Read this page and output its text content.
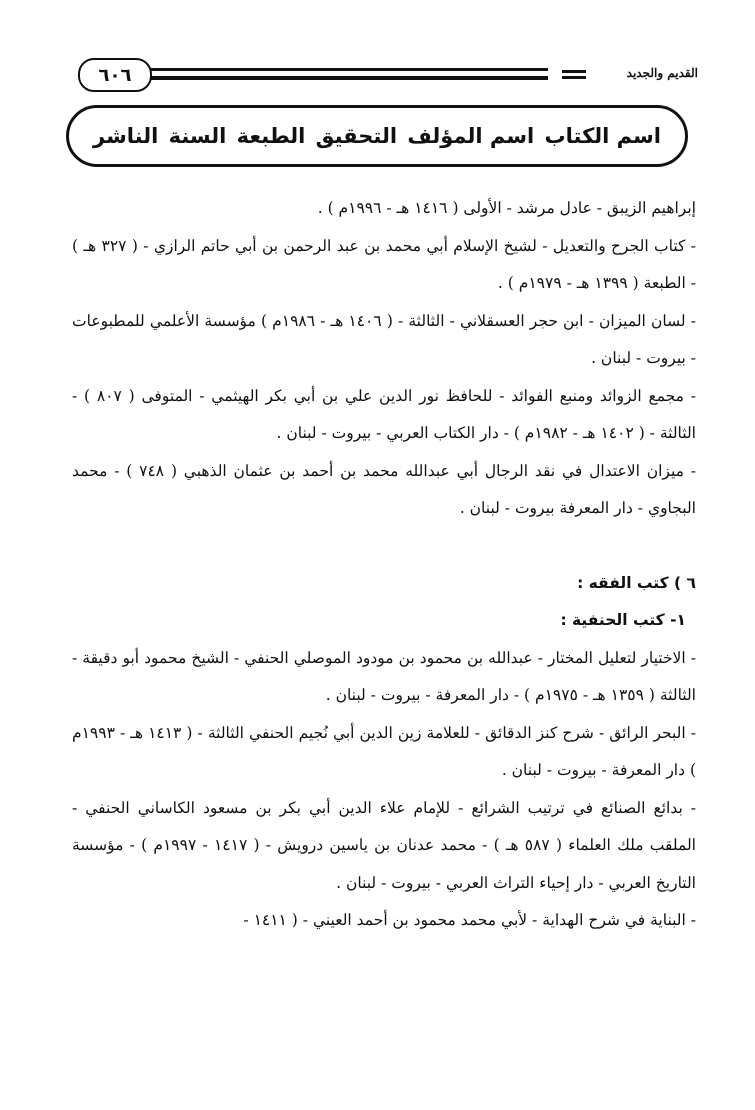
القديم والجديد
٦٠٦
اسم الكتاب
اسم المؤلف
التحقيق
الطبعة
السنة
الناشر

إبراهيم الزيبق - عادل مرشد - الأولى ( ١٤١٦ هـ - ١٩٩٦م ) .

- كتاب الجرح والتعديل - لشيخ الإسلام أبي محمد بن عبد الرحمن بن أبي حاتم الرازي - ( ٣٢٧ هـ ) - الطبعة ( ١٣٩٩ هـ - ١٩٧٩م ) .

- لسان الميزان - ابن حجر العسقلاني - الثالثة - ( ١٤٠٦ هـ - ١٩٨٦م ) مؤسسة الأعلمي للمطبوعات - بيروت - لبنان .

- مجمع الزوائد ومنبع الفوائد - للحافظ نور الدين علي بن أبي بكر الهيثمي - المتوفى ( ٨٠٧ ) - الثالثة - ( ١٤٠٢ هـ - ١٩٨٢م ) - دار الكتاب العربي - بيروت - لبنان .

- ميزان الاعتدال في نقد الرجال أبي عبدالله محمد بن أحمد بن عثمان الذهبي ( ٧٤٨ ) - محمد البجاوي - دار المعرفة بيروت - لبنان .

٦ ) كتب الفقه :

١- كتب الحنفية :

- الاختيار لتعليل المختار - عبدالله بن محمود بن مودود الموصلي الحنفي - الشيخ محمود أبو دقيقة - الثالثة ( ١٣٥٩ هـ - ١٩٧٥م ) - دار المعرفة - بيروت - لبنان .

- البحر الرائق - شرح كنز الدقائق - للعلامة زين الدين أبي نُجيم الحنفي الثالثة - ( ١٤١٣ هـ - ١٩٩٣م ) دار المعرفة - بيروت - لبنان .

- بدائع الصنائع في ترتيب الشرائع - للإمام علاء الدين أبي بكر بن مسعود الكاساني الحنفي - الملقب ملك العلماء ( ٥٨٧ هـ ) - محمد عدنان بن ياسين درويش - ( ١٤١٧ - ١٩٩٧م ) - مؤسسة التاريخ العربي - دار إحياء التراث العربي - بيروت - لبنان .

- البناية في شرح الهداية - لأبي محمد محمود بن أحمد العيني - ( ١٤١١ -
